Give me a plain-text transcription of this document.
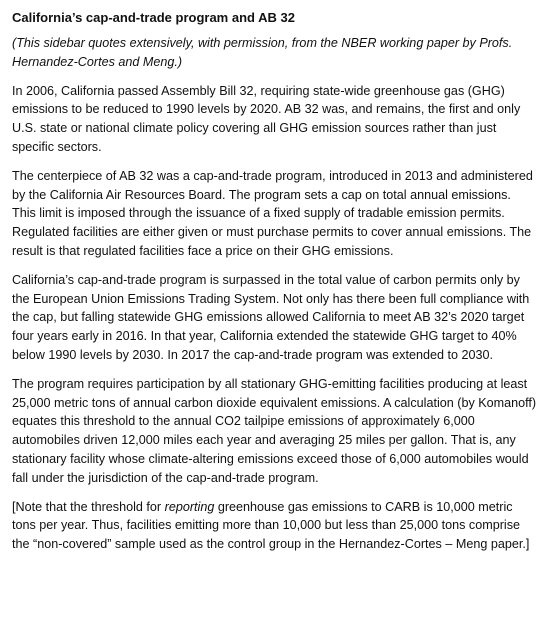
California’s cap-and-trade program and AB 32

(This sidebar quotes extensively, with permission, from the NBER working paper by Profs. Hernandez-Cortes and Meng.)

In 2006, California passed Assembly Bill 32, requiring state-wide greenhouse gas (GHG) emissions to be reduced to 1990 levels by 2020. AB 32 was, and remains, the first and only U.S. state or national climate policy covering all GHG emission sources rather than just specific sectors.

The centerpiece of AB 32 was a cap-and-trade program, introduced in 2013 and administered by the California Air Resources Board. The program sets a cap on total annual emissions. This limit is imposed through the issuance of a fixed supply of tradable emission permits. Regulated facilities are either given or must purchase permits to cover annual emissions. The result is that regulated facilities face a price on their GHG emissions.

California’s cap-and-trade program is surpassed in the total value of carbon permits only by the European Union Emissions Trading System. Not only has there been full compliance with the cap, but falling statewide GHG emissions allowed California to meet AB 32’s 2020 target four years early in 2016. In that year, California extended the statewide GHG target to 40% below 1990 levels by 2030. In 2017 the cap-and-trade program was extended to 2030.

The program requires participation by all stationary GHG-emitting facilities producing at least 25,000 metric tons of annual carbon dioxide equivalent emissions. A calculation (by Komanoff) equates this threshold to the annual CO2 tailpipe emissions of approximately 6,000 automobiles driven 12,000 miles each year and averaging 25 miles per gallon. That is, any stationary facility whose climate-altering emissions exceed those of 6,000 automobiles would fall under the jurisdiction of the cap-and-trade program.

[Note that the threshold for reporting greenhouse gas emissions to CARB is 10,000 metric tons per year. Thus, facilities emitting more than 10,000 but less than 25,000 tons comprise the “non-covered” sample used as the control group in the Hernandez-Cortes – Meng paper.]
